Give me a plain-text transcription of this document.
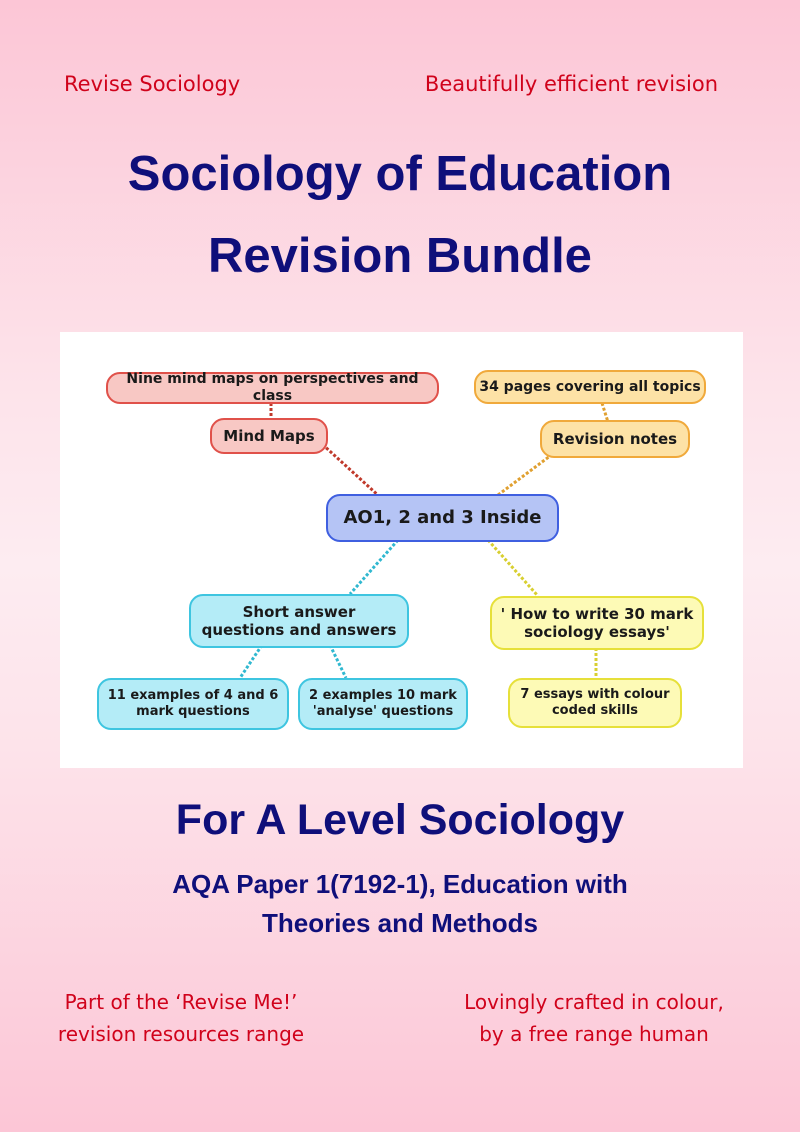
Revise Sociology	Beautifully efficient revision
Sociology of Education
Revision Bundle
Nine mind maps on perspectives and class
Mind Maps
34 pages covering all topics
Revision notes
AO1, 2 and 3 Inside
Short answer
questions and answers
' How to write 30 mark
sociology essays'
11 examples of 4 and 6
mark questions
2 examples 10 mark
'analyse' questions
7 essays with colour
coded skills
For A Level Sociology
AQA Paper 1(7192-1), Education with
Theories and Methods
Part of the ‘Revise Me!’
revision resources range
Lovingly crafted in colour,
by a free range human
